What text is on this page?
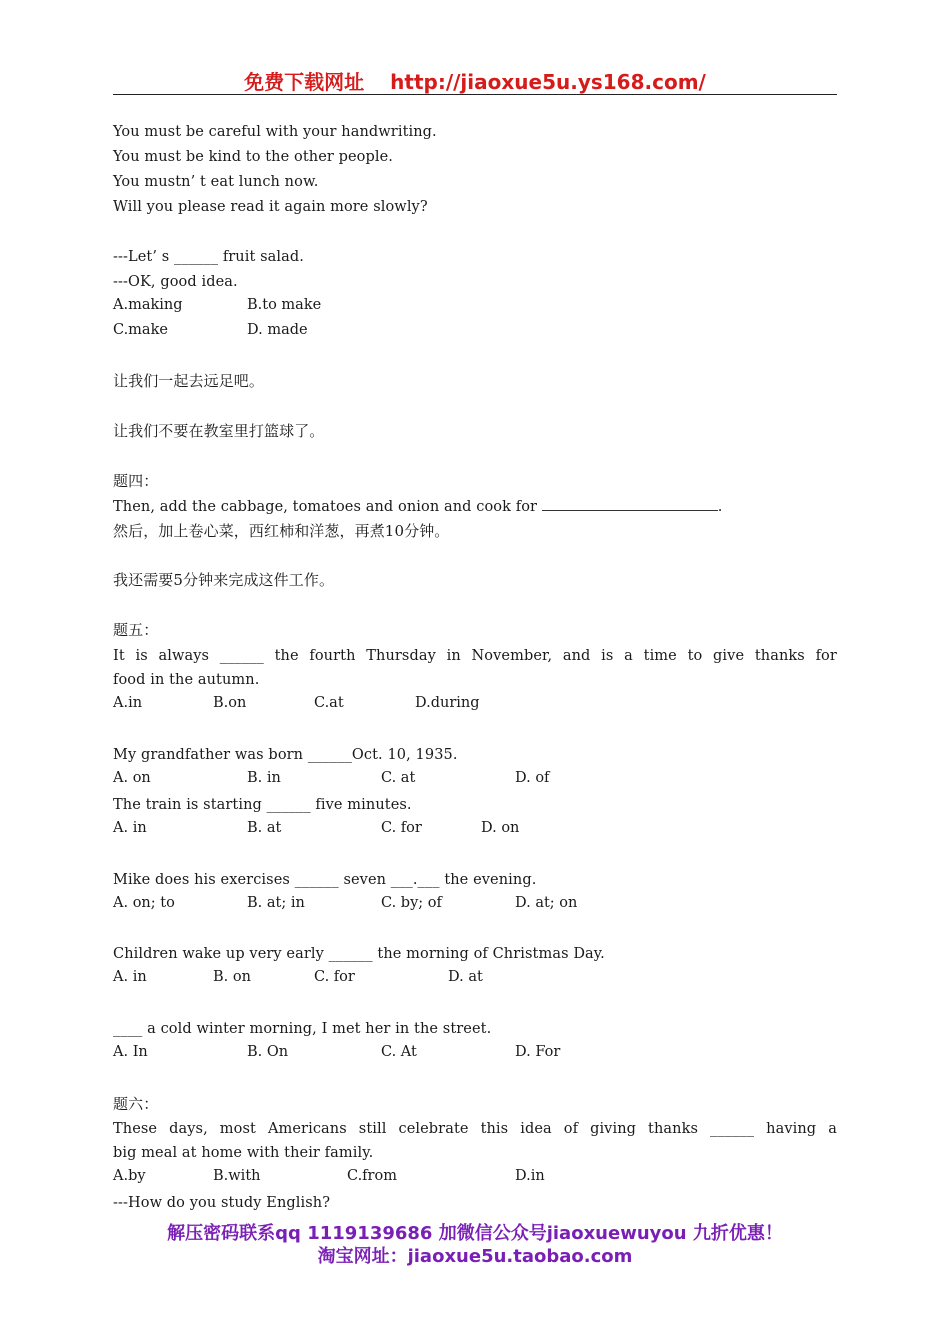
免费下载网址 http://jiaoxue5u.ys168.com/
You must be careful with your handwriting.
You must be kind to the other people.
You mustn’ t eat lunch now.
Will you please read it again more slowly?
---Let’ s ______ fruit salad.
---OK, good idea.
A.making	B.to make
C.make	D. made
让我们一起去远足吧。
让我们不要在教室里打篮球了。
题四：
Then, add the cabbage, tomatoes and onion and cook for	.
然后，加上卷心菜，西红柿和洋葱，再煮10分钟。
我还需要5分钟来完成这件工作。
题五：
It is always ______ the fourth Thursday in November, and is a time to give thanks for
food in the autumn.
A.in	B.on	C.at	D.during
My grandfather was born ______Oct. 10, 1935.
A. on	B. in	C. at	D. of
The train is starting ______ five minutes.
A. in	B. at	C. for	D. on
Mike does his exercises ______ seven ___.___ the evening.
A. on; to	B. at; in	C. by; of	D. at; on
Children wake up very early ______ the morning of Christmas Day.
A. in	B. on	C. for	D. at
____ a cold winter morning, I met her in the street.
A. In	B. On	C. At	D. For
题六：
These days, most Americans still celebrate this idea of giving thanks ______ having a
big meal at home with their family.
A.by	B.with	C.from	D.in
---How do you study English?
解压密码联系qq 1119139686 加微信公众号jiaoxuewuyou 九折优惠！
淘宝网址：jiaoxue5u.taobao.com
